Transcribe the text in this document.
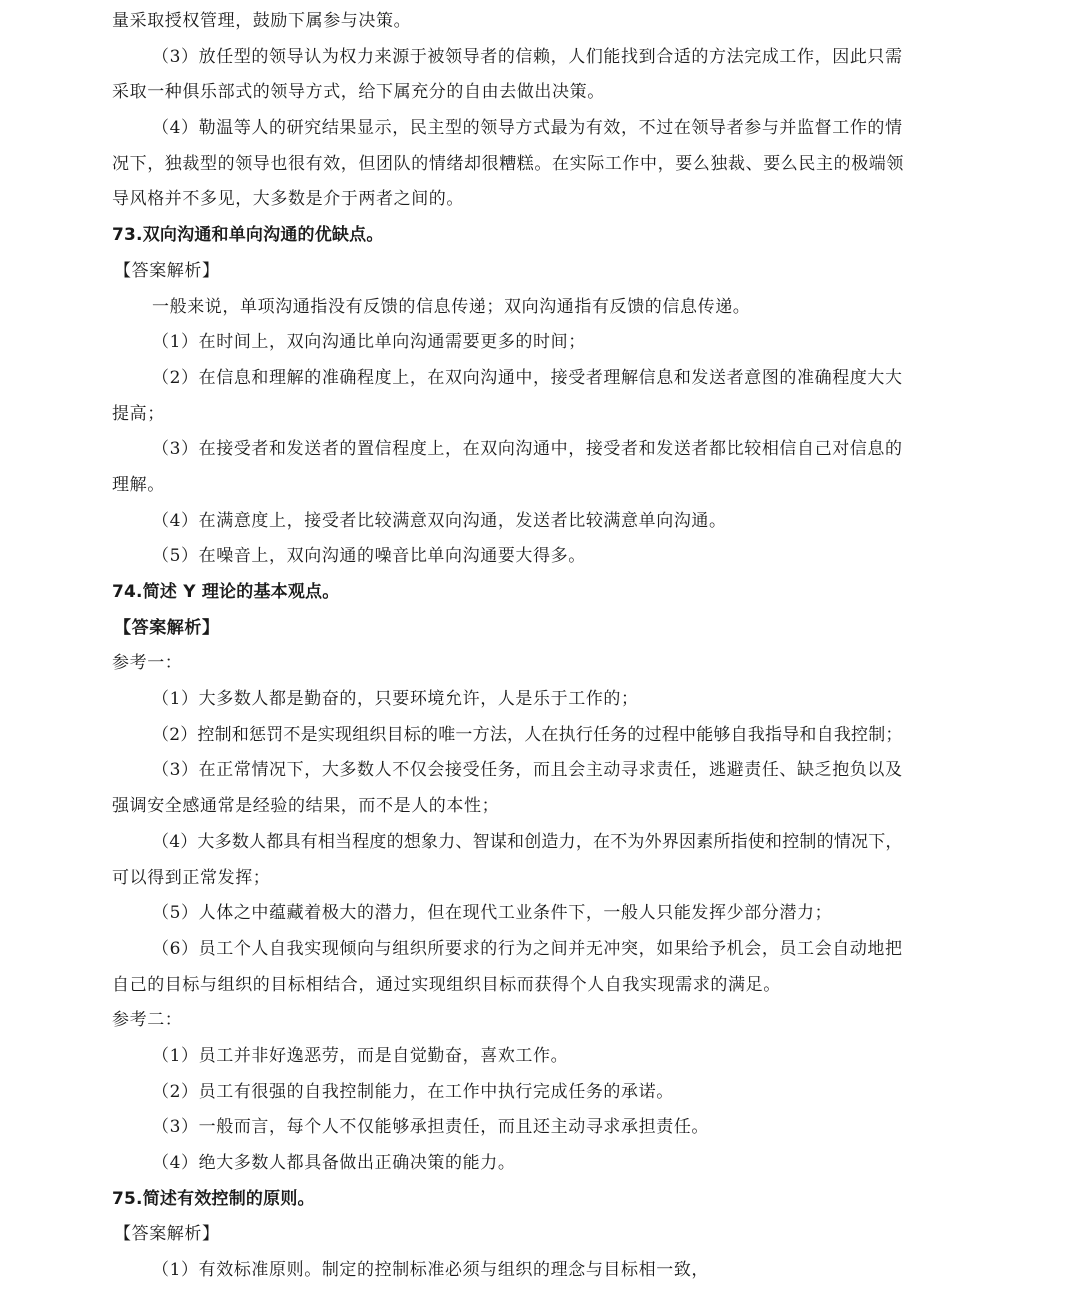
量采取授权管理，鼓励下属参与决策。
（3）放任型的领导认为权力来源于被领导者的信赖，人们能找到合适的方法完成工作，因此只需
采取一种俱乐部式的领导方式，给下属充分的自由去做出决策。
（4）勒温等人的研究结果显示，民主型的领导方式最为有效，不过在领导者参与并监督工作的情
况下，独裁型的领导也很有效，但团队的情绪却很糟糕。在实际工作中，要么独裁、要么民主的极端领
导风格并不多见，大多数是介于两者之间的。
73.双向沟通和单向沟通的优缺点。
【答案解析】
一般来说，单项沟通指没有反馈的信息传递；双向沟通指有反馈的信息传递。
（1）在时间上，双向沟通比单向沟通需要更多的时间；
（2）在信息和理解的准确程度上，在双向沟通中，接受者理解信息和发送者意图的准确程度大大
提高；
（3）在接受者和发送者的置信程度上，在双向沟通中，接受者和发送者都比较相信自己对信息的
理解。
（4）在满意度上，接受者比较满意双向沟通，发送者比较满意单向沟通。
（5）在噪音上，双向沟通的噪音比单向沟通要大得多。
74.简述 Y 理论的基本观点。
【答案解析】
参考一：
（1）大多数人都是勤奋的，只要环境允许，人是乐于工作的；
（2）控制和惩罚不是实现组织目标的唯一方法，人在执行任务的过程中能够自我指导和自我控制；
（3）在正常情况下，大多数人不仅会接受任务，而且会主动寻求责任，逃避责任、缺乏抱负以及
强调安全感通常是经验的结果，而不是人的本性；
（4）大多数人都具有相当程度的想象力、智谋和创造力，在不为外界因素所指使和控制的情况下，
可以得到正常发挥；
（5）人体之中蕴藏着极大的潜力，但在现代工业条件下，一般人只能发挥少部分潜力；
（6）员工个人自我实现倾向与组织所要求的行为之间并无冲突，如果给予机会，员工会自动地把
自己的目标与组织的目标相结合，通过实现组织目标而获得个人自我实现需求的满足。
参考二：
（1）员工并非好逸恶劳，而是自觉勤奋，喜欢工作。
（2）员工有很强的自我控制能力，在工作中执行完成任务的承诺。
（3）一般而言，每个人不仅能够承担责任，而且还主动寻求承担责任。
（4）绝大多数人都具备做出正确决策的能力。
75.简述有效控制的原则。
【答案解析】
（1）有效标准原则。制定的控制标准必须与组织的理念与目标相一致，
